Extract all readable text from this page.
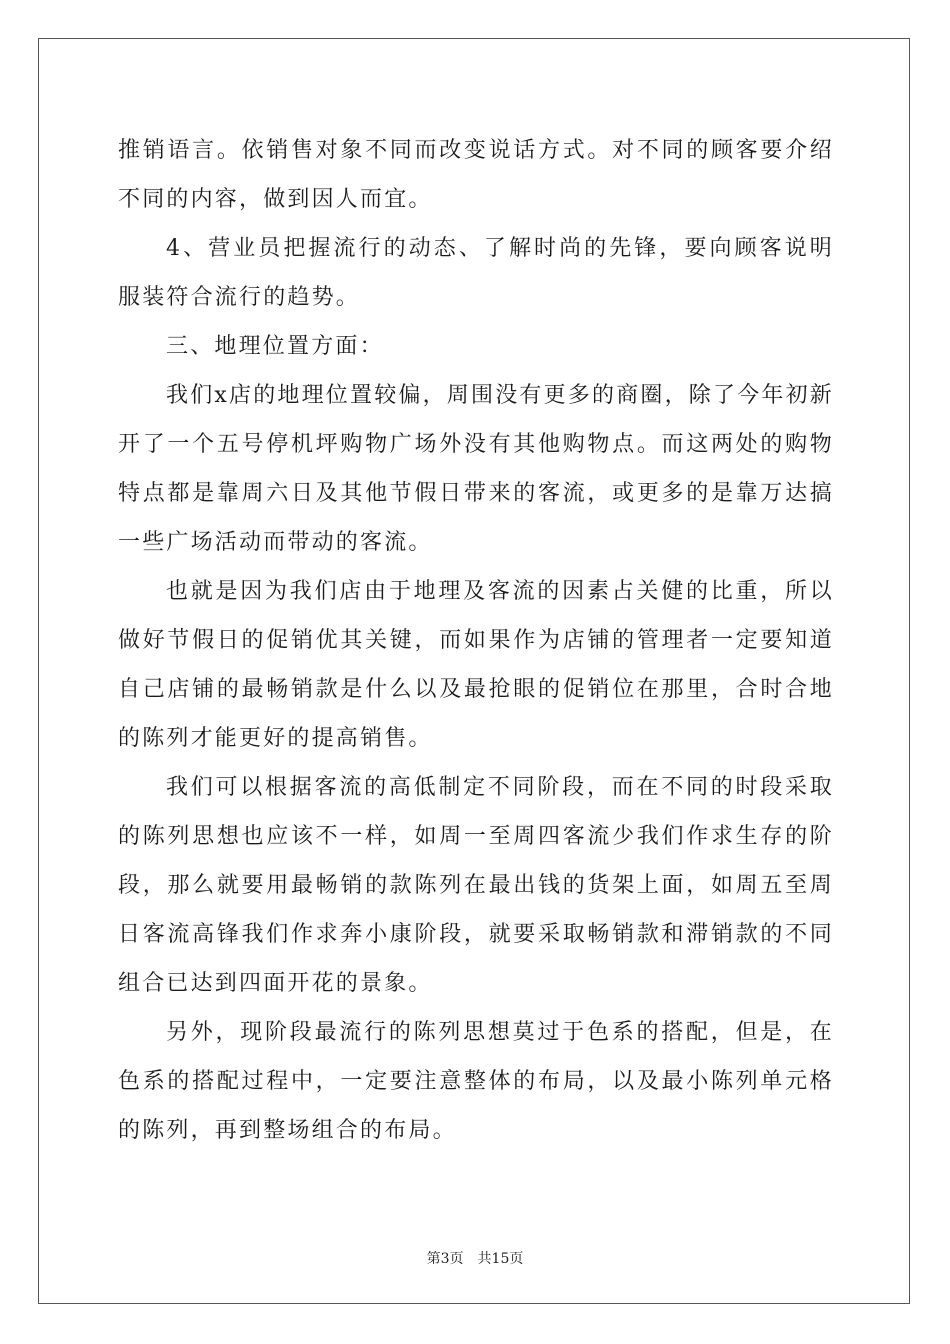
推销语言。依销售对象不同而改变说话方式。对不同的顾客要介绍不同的内容，做到因人而宜。

4、营业员把握流行的动态、了解时尚的先锋，要向顾客说明服装符合流行的趋势。

三、地理位置方面：

我们x店的地理位置较偏，周围没有更多的商圈，除了今年初新开了一个五号停机坪购物广场外没有其他购物点。而这两处的购物特点都是靠周六日及其他节假日带来的客流，或更多的是靠万达搞一些广场活动而带动的客流。

也就是因为我们店由于地理及客流的因素占关健的比重，所以做好节假日的促销优其关键，而如果作为店铺的管理者一定要知道自己店铺的最畅销款是什么以及最抢眼的促销位在那里，合时合地的陈列才能更好的提高销售。

我们可以根据客流的高低制定不同阶段，而在不同的时段采取的陈列思想也应该不一样，如周一至周四客流少我们作求生存的阶段，那么就要用最畅销的款陈列在最出钱的货架上面，如周五至周日客流高锋我们作求奔小康阶段，就要采取畅销款和滞销款的不同组合已达到四面开花的景象。

另外，现阶段最流行的陈列思想莫过于色系的搭配，但是，在色系的搭配过程中，一定要注意整体的布局，以及最小陈列单元格的陈列，再到整场组合的布局。

第3页 共15页
